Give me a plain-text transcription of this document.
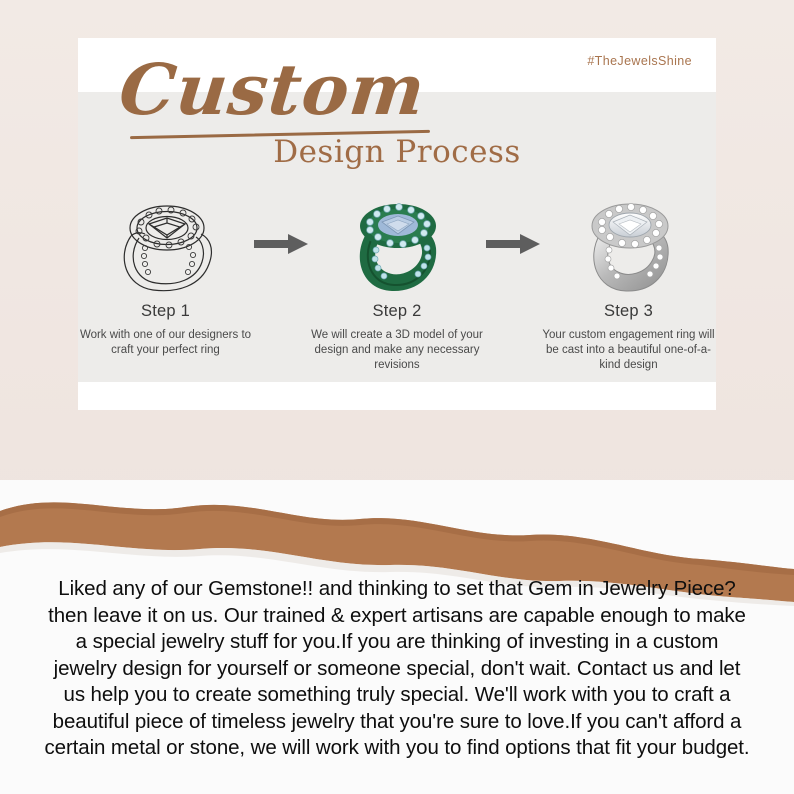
#TheJewelsShine
Custom
Design Process
Step 1
Work with one of our designers to craft your perfect ring
Step 2
We will create a 3D model of your design and make any necessary revisions
Step 3
Your custom engagement ring will be cast into a beautiful one-of-a-kind design
Liked any of our Gemstone!! and thinking to set that Gem in Jewelry Piece? then leave it on us. Our trained & expert artisans are capable enough to make a special jewelry stuff for you.If you are thinking of investing in a custom jewelry design for yourself or someone special, don't wait. Contact us and let us help you to create something truly special. We'll work with you to craft a beautiful piece of timeless jewelry that you're sure to love.If you can't afford a certain metal or stone, we will work with you to find options that fit your budget.
